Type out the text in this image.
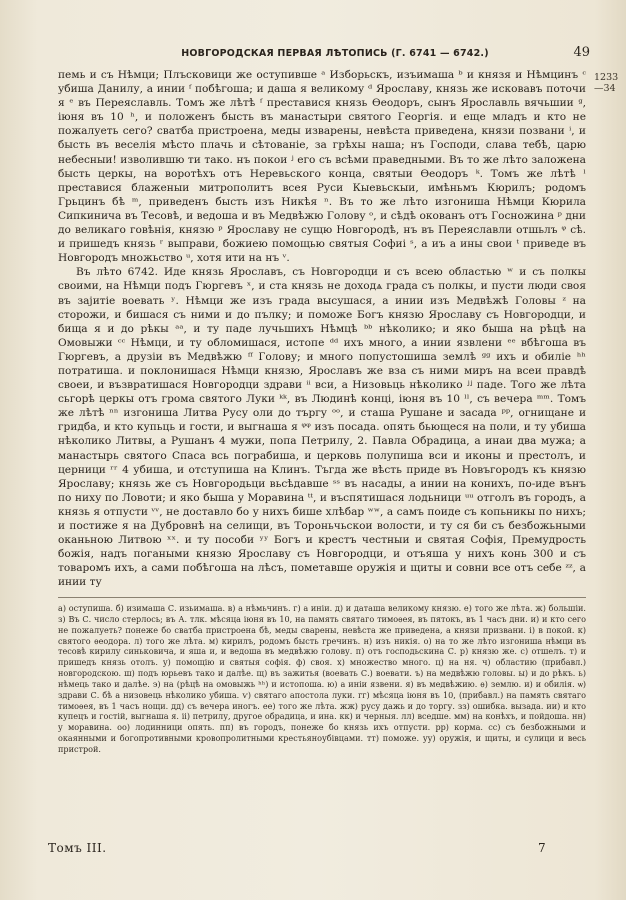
НОВГОРОДСКАЯ ПЕРВАЯ ЛѢТОПИСЬ (Г. 6741 — 6742.)	49
1233
—34

пемь и съ Нѣмци; Плъсковици же оступивше ᵃ Изборьскъ, изъимаша ᵇ и князя и Нѣмцинъ ᶜ убиша Данилу, а инии ᶠ побѣгоша; и даша я великому ᵈ Ярославу, князь же исковавъ поточи я ᵉ въ Переяславль. Томъ же лѣтѣ ᶠ преставися князь Ѳеодоръ, сынъ Ярославль вячьшии ᵍ, іюня въ 10 ʰ, и положенъ бысть въ манастыри святого Георгія. и еще младъ и кто не пожалуеть сего? сватба пристроена, меды изварены, невѣста приведена, князи позвани ⁱ, и бысть въ веселія мѣсто плачь и сѣтованіе, за грѣхы наша; нъ Господи, слава тебѣ, царю небесныи! изволившю ти тако. нъ покои ʲ его съ всѣми праведными. Въ то же лѣто заложена бысть церкы, на воротѣхъ отъ Неревьского конца, святыи Ѳеодоръ ᵏ. Томъ же лѣтѣ ˡ преставися блаженыи митрополитъ всея Руси Кыевьскыи, имѣньмъ Кюрилъ; родомъ Грьцинъ бѣ ᵐ, приведенъ бысть изъ Никѣя ⁿ. Въ то же лѣто изгониша Нѣмци Кюрила Сипкинича въ Тесовѣ, и ведоша и въ Медвѣжю Голову ᵒ, и сѣдѣ окованъ отъ Госножина ᵖ дни до великаго говѣнія, князю ᵖ Ярославу не сущю Новгородѣ, нъ въ Переяславли отшьлъ ᵠ сѣ. и пришедъ князь ʳ выправи, божиею помощью святыя Софиі ˢ, а иъ а ины свои ᵗ приведе въ Новгородъ множьство ᵘ, хотя ити на нъ ᵛ.

Въ лѣто 6742. Иде князь Ярославъ, съ Новгородци и съ всею областью ʷ и съ полкы своими, на Нѣмци подъ Гюргевъ ˣ, и ста князь не доходѧ града съ полкы, и пусти люди своя въ заjитіе воевать ʸ. Нѣмци же изъ града высушася, а инии изъ Медвѣжѣ Головы ᶻ на сторожи, и бишася съ ними и до пълку; и поможе Богъ князю Ярославу съ Новгородци, и бища я и до рѣкы ᵃᵃ, и ту паде лучьшихъ Нѣмцѣ ᵇᵇ нѣколико; и яко быша на рѣцѣ на Омовыжи ᶜᶜ Нѣмци, и ту обломишася, истопе ᵈᵈ ихъ много, а инии язвлени ᵉᵉ вбѣгоша въ Гюргевъ, а друзіи въ Медвѣжю ᶠᶠ Голову; и многo попустошиша землѣ ᵍᵍ ихъ и обиліе ʰʰ потратиша. и поклонишася Нѣмци князю, Ярославъ же вза съ ними миръ на всеи правдѣ своеи, и възвратишася Новгородци здрави ⁱⁱ вси, а Низовьць нѣколико ʲʲ паде. Того же лѣта сьгорѣ церкы отъ грома святого Луки ᵏᵏ, въ Людинѣ концi, іюня въ 10 ˡˡ, съ вечера ᵐᵐ. Томъ же лѣтѣ ⁿⁿ изгониша Литва Русу оли до търгу ᵒᵒ, и сташа Рушане и засада ᵖᵖ, огнищане и гридба, и кто купьць и гости, и выгнаша я ᵠᵠ изъ посада. опять бьющеся на поли, и ту убиша нѣколико Литвы, а Рушанъ 4 мужи, попа Петрилу, 2. Павла Обрадица, а инаи два мужа; а манастырь святого Спаса всь пограбиша, и церковь полупиша вси и иконы и престолъ, и церници ʳʳ 4 убиша, и отступиша на Клинъ. Тъгда же вѣсть приде въ Новъгородъ къ князю Ярославу; князь же съ Новгородьци вьсѣдавше ˢˢ въ насады, а инии на конихъ, по-иде вънъ по ниху по Ловоти; и яко быша у Моравина ᵗᵗ, и въспятишася лодьници ᵘᵘ отголъ въ городъ, а князь я отпусти ᵛᵛ, не доставло бо у нихъ бише хлѣбар ʷʷ, а самъ поиде съ копьникы по нихъ; и постиже я на Дубровнѣ на селищи, въ Тороньчьскои волости, и ту ся би съ безбожьными оканьною Литвою ˣˣ. и ту пособи ʸʸ Богъ и крестъ честныи и святая Софія, Премудрость божія, надъ погаными князю Ярославу съ Новгородци, и отъяша у нихъ конь 300 и съ товаромъ ихъ, а сами побѣгоша на лѣсъ, пометавше оружія и щиты и совни все отъ себе ᶻᶻ, а инии ту

a) оступиша. б) изимаша С. изьимаша. в) а нѣмьчинъ. г) а иніи. д) и даташа великому князю. е) того же лѣта. ж) большіи. з) Въ С. число стерлось; въ А. тлк. мѣсяца іюня въ 10, на память святаго тимоѳея, въ пятокъ, въ 1 часъ дни. и) и кто сего не пожалуеть? понеже бо сватба пристроена бѣ, меды сварены, невѣста же приведена, а князи призвани. і) в покой. к) святого ѳеодора. л) того же лѣта. м) кирилъ, родомъ бысть гречинъ. н) изъ никія. о) на то же лѣто изгониша нѣмци въ тесовѣ кирилу синьковича, и яша и, и ведоша въ медвѣжю голову. п) отъ господьскина С. р) князю же. с) отшелъ. т) и пришедъ князь отолъ. у) помощію и святыя софія. ф) своя. х) множество много. ц) на ня. ч) областию (прибавл.) новгородскою. ш) подъ юрьевъ тако и далѣе. щ) въ зажитья (воевать С.) воевати. ъ) на медвѣжю головы. ы) и до рѣкъ. ь) нѣмець тако и далѣе. э) на (рѣцѣ на омовыжь ʰʰ) и истопоша. ю) а иніи язвени. я) въ медвѣжию. ѳ) землю. и) и обилія. ѡ) здрави С. бѣ а низовець нѣколико убиша. ѵ) святаго апостола луки. гг) мѣсяца іюня въ 10, (прибавл.) на память святаго тимоѳея, въ 1 часъ нощи. дд) съ вечера иногъ. ее) того же лѣта. жж) русу дажь и до торгу. зз) ошибка. вызада. ии) и кто купецъ и гостій, выгнаша я. іі) петрилу, другое обрадица, и ина. кк) и черныя. лл) вседше. мм) на конѣхъ, и пойдоша. нн) у моравина. оо) лодинници опять. пп) въ городъ, понеже бо князь ихъ отпусти. рр) корма. сс) съ безбожными и окаянными и богопротивными кровопролитными крестьяноубівцами. тт) поможе. уу) оружія, и щиты, и сулици и весь пристрой.

Томъ III.	7
